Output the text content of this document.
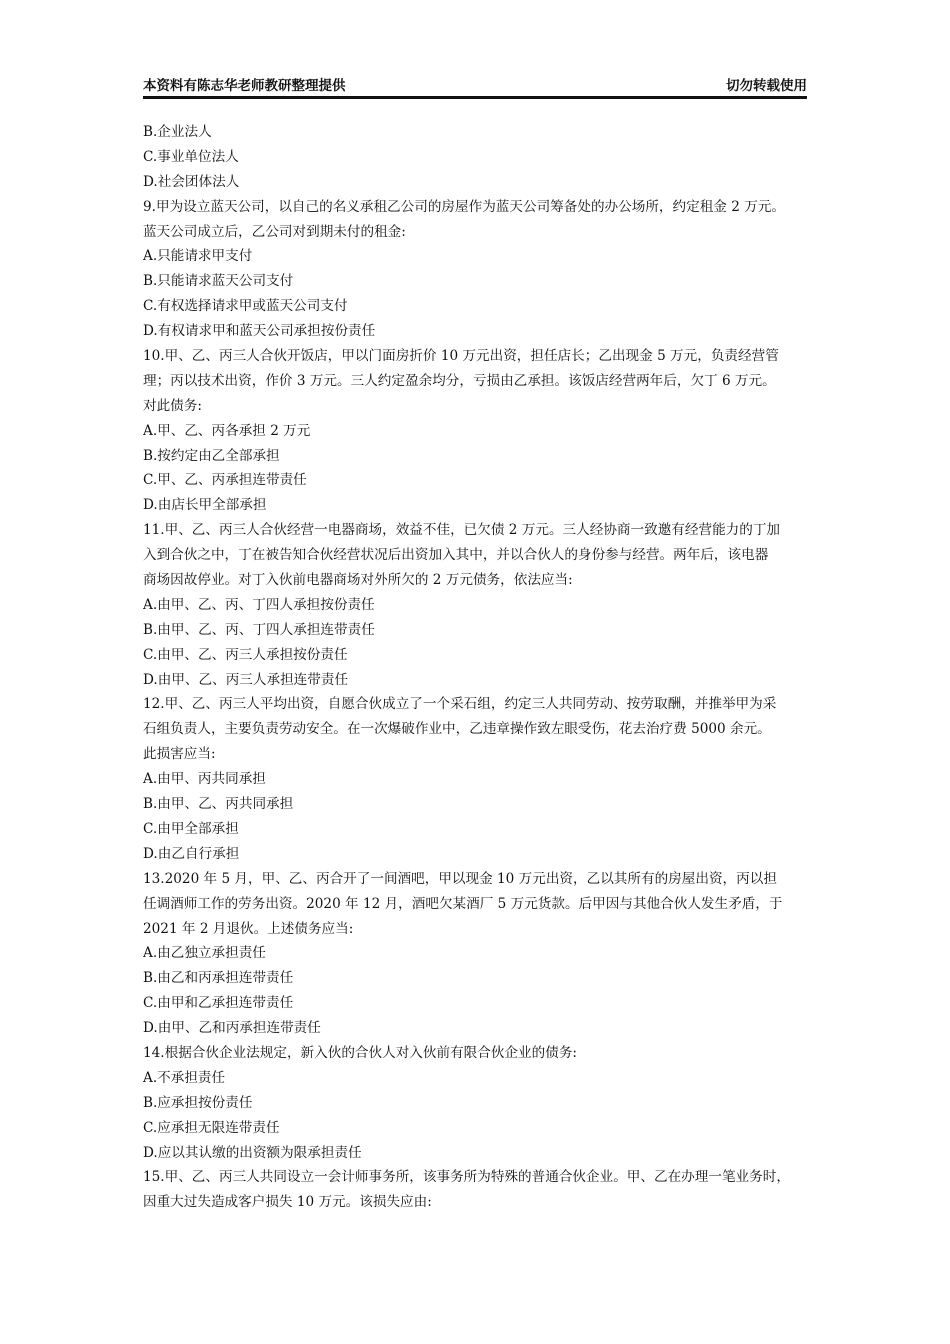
本资料有陈志华老师教研整理提供	切勿转载使用
B.企业法人
C.事业单位法人
D.社会团体法人
9.甲为设立蓝天公司，以自己的名义承租乙公司的房屋作为蓝天公司筹备处的办公场所，约定租金 2 万元。
蓝天公司成立后，乙公司对到期未付的租金:
A.只能请求甲支付
B.只能请求蓝天公司支付
C.有权选择请求甲或蓝天公司支付
D.有权请求甲和蓝天公司承担按份责任
10.甲、乙、丙三人合伙开饭店，甲以门面房折价 10 万元出资，担任店长；乙出现金 5 万元，负责经营管
理；丙以技术出资，作价 3 万元。三人约定盈余均分，亏损由乙承担。该饭店经营两年后，欠丁 6 万元。
对此债务:
A.甲、乙、丙各承担 2 万元
B.按约定由乙全部承担
C.甲、乙、丙承担连带责任
D.由店长甲全部承担
11.甲、乙、丙三人合伙经营一电器商场，效益不佳，已欠债 2 万元。三人经协商一致邀有经营能力的丁加
入到合伙之中，丁在被告知合伙经营状况后出资加入其中，并以合伙人的身份参与经营。两年后，该电器
商场因故停业。对丁入伙前电器商场对外所欠的 2 万元债务，依法应当:
A.由甲、乙、丙、丁四人承担按份责任
B.由甲、乙、丙、丁四人承担连带责任
C.由甲、乙、丙三人承担按份责任
D.由甲、乙、丙三人承担连带责任
12.甲、乙、丙三人平均出资，自愿合伙成立了一个采石组，约定三人共同劳动、按劳取酬，并推举甲为采
石组负责人，主要负责劳动安全。在一次爆破作业中，乙违章操作致左眼受伤，花去治疗费 5000 余元。
此损害应当:
A.由甲、丙共同承担
B.由甲、乙、丙共同承担
C.由甲全部承担
D.由乙自行承担
13.2020 年 5 月，甲、乙、丙合开了一间酒吧，甲以现金 10 万元出资，乙以其所有的房屋出资，丙以担
任调酒师工作的劳务出资。2020 年 12 月，酒吧欠某酒厂 5 万元货款。后甲因与其他合伙人发生矛盾，于
2021 年 2 月退伙。上述债务应当:
A.由乙独立承担责任
B.由乙和丙承担连带责任
C.由甲和乙承担连带责任
D.由甲、乙和丙承担连带责任
14.根据合伙企业法规定，新入伙的合伙人对入伙前有限合伙企业的债务:
A.不承担责任
B.应承担按份责任
C.应承担无限连带责任
D.应以其认缴的出资额为限承担责任
15.甲、乙、丙三人共同设立一会计师事务所，该事务所为特殊的普通合伙企业。甲、乙在办理一笔业务时，
因重大过失造成客户损失 10 万元。该损失应由:
